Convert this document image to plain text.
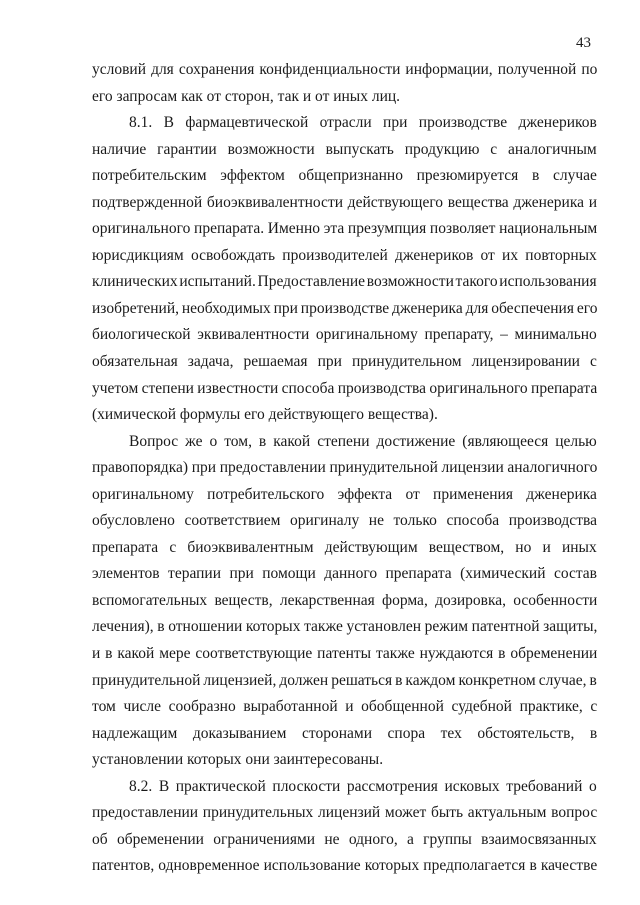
43

условий для сохранения конфиденциальности информации, полученной по
его запросам как от сторон, так и от иных лиц.

8.1. В фармацевтической отрасли при производстве дженериков
наличие гарантии возможности выпускать продукцию с аналогичным
потребительским эффектом общепризнанно презюмируется в случае
подтвержденной биоэквивалентности действующего вещества дженерика и
оригинального препарата. Именно эта презумпция позволяет национальным
юрисдикциям освобождать производителей дженериков от их повторных
клинических испытаний. Предоставление возможности такого использования
изобретений, необходимых при производстве дженерика для обеспечения его
биологической эквивалентности оригинальному препарату, – минимально
обязательная задача, решаемая при принудительном лицензировании с
учетом степени известности способа производства оригинального препарата
(химической формулы его действующего вещества).

Вопрос же о том, в какой степени достижение (являющееся целью
правопорядка) при предоставлении принудительной лицензии аналогичного
оригинальному потребительского эффекта от применения дженерика
обусловлено соответствием оригиналу не только способа производства
препарата с биоэквивалентным действующим веществом, но и иных
элементов терапии при помощи данного препарата (химический состав
вспомогательных веществ, лекарственная форма, дозировка, особенности
лечения), в отношении которых также установлен режим патентной защиты,
и в какой мере соответствующие патенты также нуждаются в обременении
принудительной лицензией, должен решаться в каждом конкретном случае, в
том числе сообразно выработанной и обобщенной судебной практике, с
надлежащим доказыванием сторонами спора тех обстоятельств, в
установлении которых они заинтересованы.

8.2. В практической плоскости рассмотрения исковых требований о
предоставлении принудительных лицензий может быть актуальным вопрос
об обременении ограничениями не одного, а группы взаимосвязанных
патентов, одновременное использование которых предполагается в качестве
